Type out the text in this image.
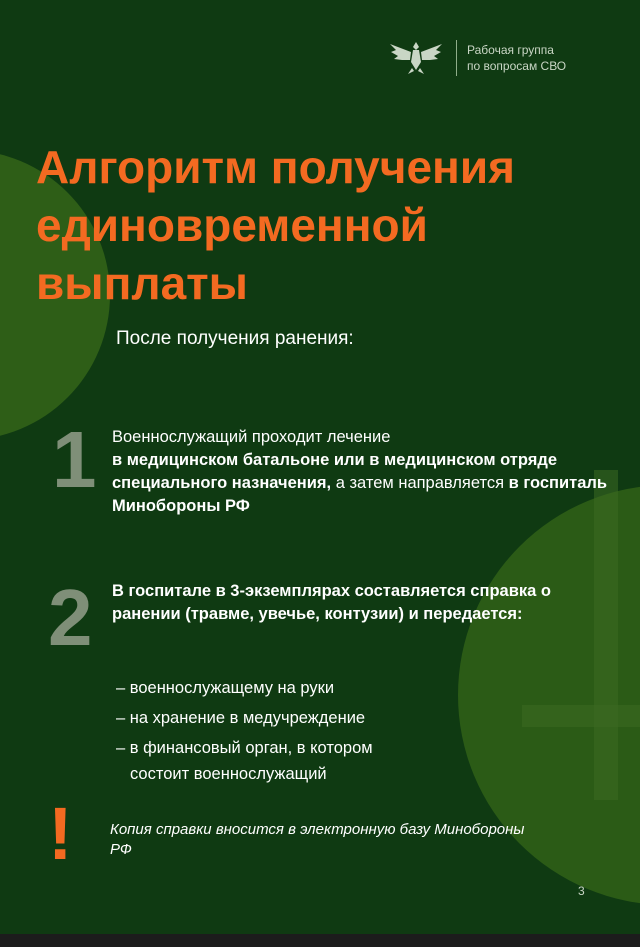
Рабочая группа
по вопросам СВО
Алгоритм получения
единовременной
выплаты
После получения ранения:
1 Военнослужащий проходит лечение
в медицинском батальоне или в медицинском отряде специального назначения, а затем направляется в госпиталь Минобороны РФ
2 В госпитале в 3-экземплярах составляется справка о ранении (травме, увечье, контузии) и передается:
– военнослужащему на руки
– на хранение в медучреждение
– в финансовый орган, в котором
состоит военнослужащий
! Копия справки вносится в электронную базу Минобороны РФ
3
